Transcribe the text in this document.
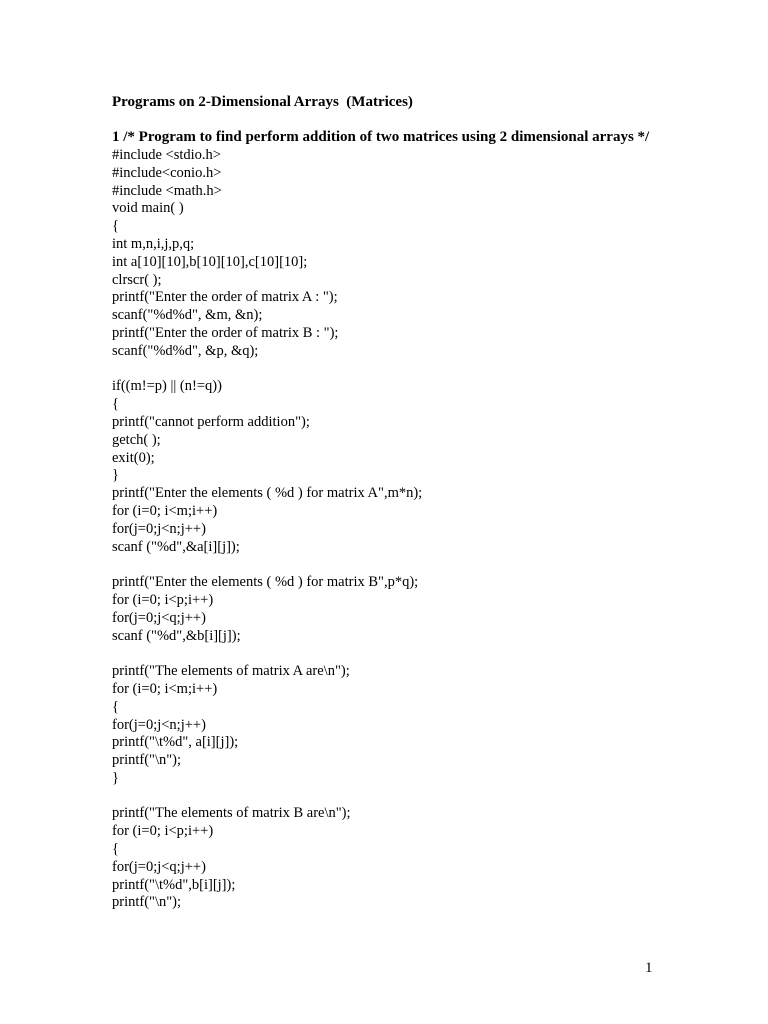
Programs on 2-Dimensional Arrays  (Matrices)
1 /* Program to find perform addition of two matrices using 2 dimensional arrays */
#include <stdio.h>
#include<conio.h>
#include <math.h>
void main( )
{
int m,n,i,j,p,q;
int a[10][10],b[10][10],c[10][10];
clrscr( );
printf("Enter the order of matrix A : ");
scanf("%d%d", &m, &n);
printf("Enter the order of matrix B : ");
scanf("%d%d", &p, &q);
if((m!=p) || (n!=q))
{
printf("cannot perform addition");
getch( );
exit(0);
}
printf("Enter the elements ( %d ) for matrix A",m*n);
for (i=0; i<m;i++)
for(j=0;j<n;j++)
scanf ("%d",&a[i][j]);
printf("Enter the elements ( %d ) for matrix B",p*q);
for (i=0; i<p;i++)
for(j=0;j<q;j++)
scanf ("%d",&b[i][j]);
printf("The elements of matrix A are\n");
for (i=0; i<m;i++)
{
for(j=0;j<n;j++)
printf("\t%d", a[i][j]);
printf("\n");
}
printf("The elements of matrix B are\n");
for (i=0; i<p;i++)
{
for(j=0;j<q;j++)
printf("\t%d",b[i][j]);
printf("\n");
1
